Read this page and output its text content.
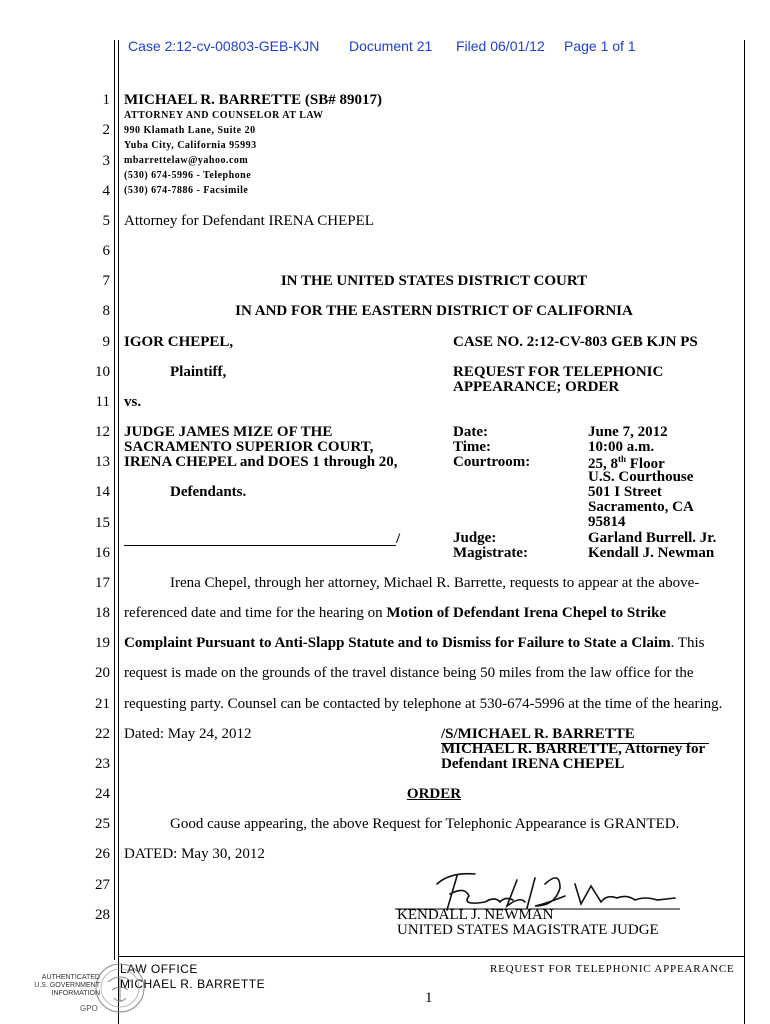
Case 2:12-cv-00803-GEB-KJN Document 21 Filed 06/01/12 Page 1 of 1
1
2
3
4
5
6
7
8
9
10
11
12
13
14
15
16
17
18
19
20
21
22
23
24
25
26
27
28
MICHAEL R. BARRETTE (SB# 89017)
ATTORNEY AND COUNSELOR AT LAW
990 Klamath Lane, Suite 20
Yuba City, California 95993
mbarrettelaw@yahoo.com
(530) 674-5996 - Telephone
(530) 674-7886 - Facsimile
Attorney for Defendant IRENA CHEPEL
IN THE UNITED STATES DISTRICT COURT
IN AND FOR THE EASTERN DISTRICT OF CALIFORNIA
IGOR CHEPEL,
Plaintiff,
vs.
JUDGE JAMES MIZE OF THE
SACRAMENTO SUPERIOR COURT,
IRENA CHEPEL and DOES 1 through 20,
Defendants.
/
CASE NO. 2:12-CV-803 GEB KJN PS
REQUEST FOR TELEPHONIC
APPEARANCE; ORDER
Date:	June 7, 2012
Time:	10:00 a.m.
Courtroom:	25, 8th Floor
U.S. Courthouse
501 I Street
Sacramento, CA
95814
Judge:	Garland Burrell. Jr.
Magistrate:	Kendall J. Newman
Irena Chepel, through her attorney, Michael R. Barrette, requests to appear at the above-
referenced date and time for the hearing on Motion of Defendant Irena Chepel to Strike
Complaint Pursuant to Anti-Slapp Statute and to Dismiss for Failure to State a Claim. This
request is made on the grounds of the travel distance being 50 miles from the law office for the
requesting party. Counsel can be contacted by telephone at 530-674-5996 at the time of the hearing.
Dated: May 24, 2012	/S/MICHAEL R. BARRETTE
MICHAEL R. BARRETTE, Attorney for
Defendant IRENA CHEPEL
ORDER
Good cause appearing, the above Request for Telephonic Appearance is GRANTED.
DATED: May 30, 2012
KENDALL J. NEWMAN
UNITED STATES MAGISTRATE JUDGE
LAW OFFICE
MICHAEL R. BARRETTE
REQUEST FOR TELEPHONIC APPEARANCE
1
AUTHENTICATED
U.S. GOVERNMENT
INFORMATION
GPO
